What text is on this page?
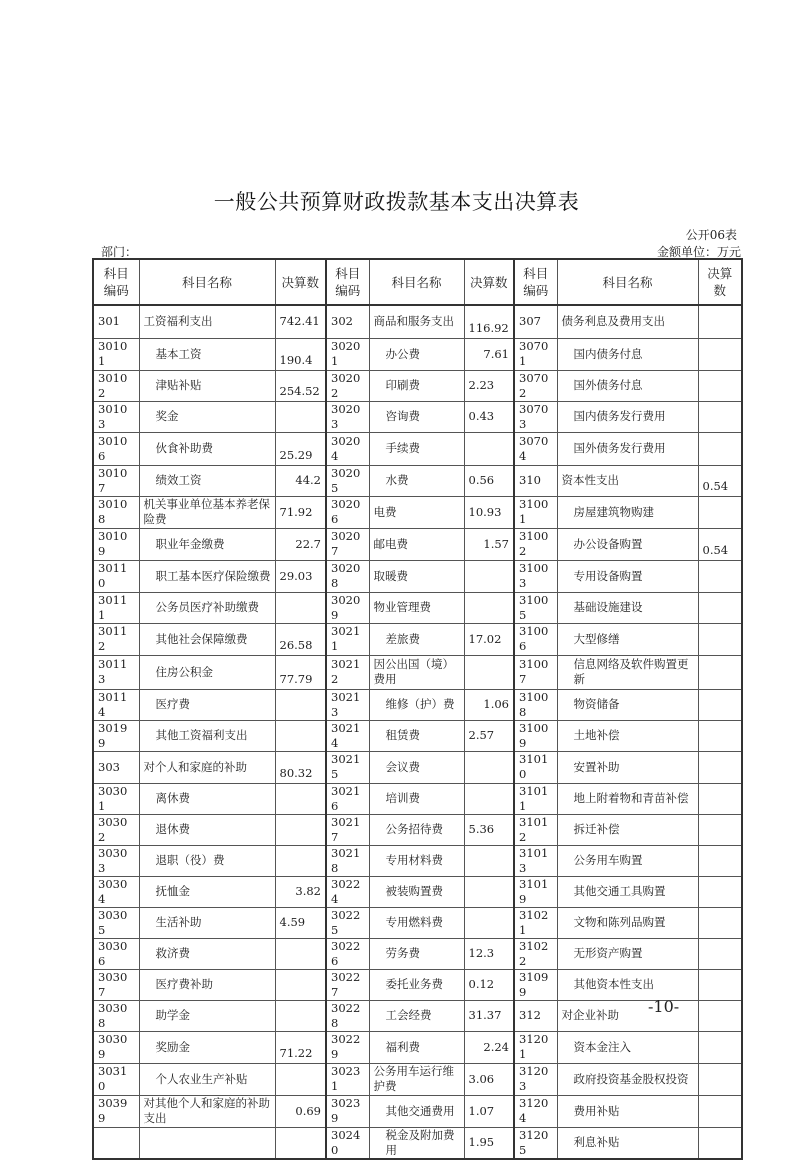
一般公共预算财政拨款基本支出决算表
公开06表
部门：	金额单位：万元
科目编码	科目名称	决算数	科目编码	科目名称	决算数	科目编码	科目名称	决算数
301	工资福利支出	742.41	302	商品和服务支出	116.92	307	债务利息及费用支出	
30101	基本工资	190.4	30201	办公费	7.61	30701	国内债务付息	
30102	津贴补贴	254.52	30202	印刷费	2.23	30702	国外债务付息	
30103	奖金		30203	咨询费	0.43	30703	国内债务发行费用	
30106	伙食补助费	25.29	30204	手续费		30704	国外债务发行费用	
30107	绩效工资	44.2	30205	水费	0.56	310	资本性支出	0.54
30108	机关事业单位基本养老保险费	71.92	30206	电费	10.93	31001	房屋建筑物购建	
30109	职业年金缴费	22.7	30207	邮电费	1.57	31002	办公设备购置	0.54
30110	职工基本医疗保险缴费	29.03	30208	取暖费		31003	专用设备购置	
30111	公务员医疗补助缴费		30209	物业管理费		31005	基础设施建设	
30112	其他社会保障缴费	26.58	30211	差旅费	17.02	31006	大型修缮	
30113	住房公积金	77.79	30212	因公出国（境）费用		31007	信息网络及软件购置更新	
30114	医疗费		30213	维修（护）费	1.06	31008	物资储备	
30199	其他工资福利支出		30214	租赁费	2.57	31009	土地补偿	
303	对个人和家庭的补助	80.32	30215	会议费		31010	安置补助	
30301	离休费		30216	培训费		31011	地上附着物和青苗补偿	
30302	退休费		30217	公务招待费	5.36	31012	拆迁补偿	
30303	退职（役）费		30218	专用材料费		31013	公务用车购置	
30304	抚恤金	3.82	30224	被装购置费		31019	其他交通工具购置	
30305	生活补助	4.59	30225	专用燃料费		31021	文物和陈列品购置	
30306	救济费		30226	劳务费	12.3	31022	无形资产购置	
30307	医疗费补助		30227	委托业务费	0.12	31099	其他资本性支出	
30308	助学金		30228	工会经费	31.37	312	对企业补助	
30309	奖励金	71.22	30229	福利费	2.24	31201	资本金注入	
30310	个人农业生产补贴		30231	公务用车运行维护费	3.06	31203	政府投资基金股权投资	
30399	对其他个人和家庭的补助支出	0.69	30239	其他交通费用	1.07	31204	费用补贴	
			30240	税金及附加费用	1.95	31205	利息补贴	
-10-
